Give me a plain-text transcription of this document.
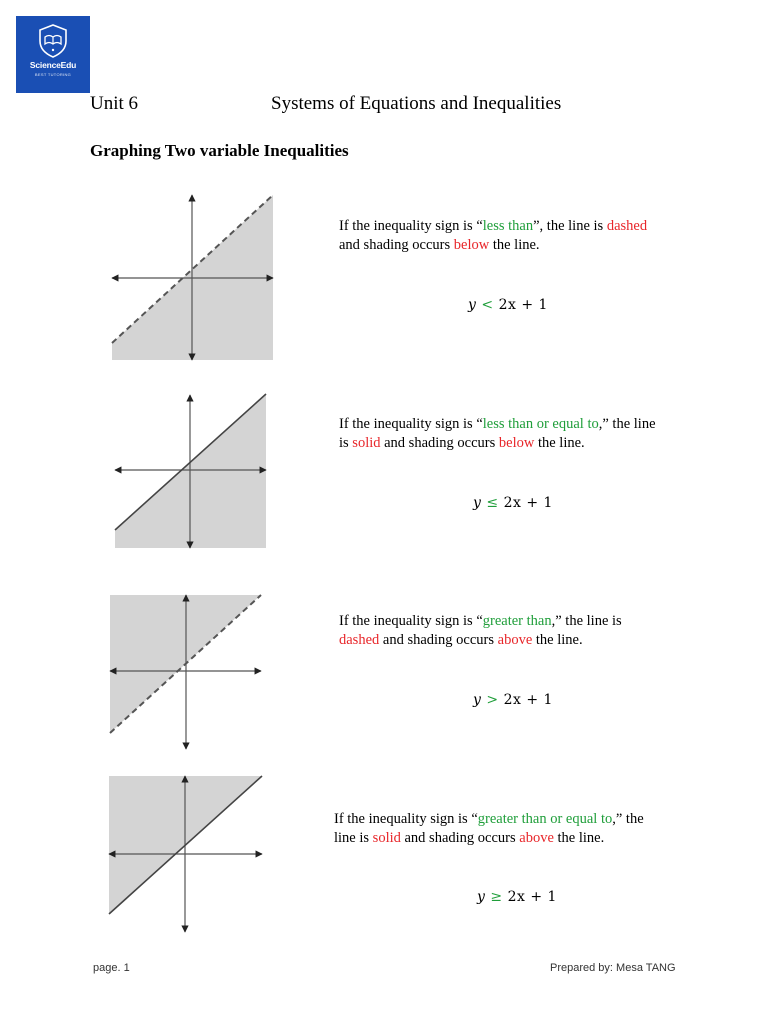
ScienceEdu
BEST TUTORING
Unit 6	Systems of Equations and Inequalities
Graphing Two variable Inequalities
If the inequality sign is “less than”, the line is dashed
and shading occurs below the line.
y < 2x + 1
If the inequality sign is “less than or equal to,” the line
is solid and shading occurs below the line.
y ≤ 2x + 1
If the inequality sign is “greater than,” the line is
dashed and shading occurs above the line.
y > 2x + 1
If the inequality sign is “greater than or equal to,” the
line is solid and shading occurs above the line.
y ≥ 2x + 1
page. 1	Prepared by: Mesa TANG
